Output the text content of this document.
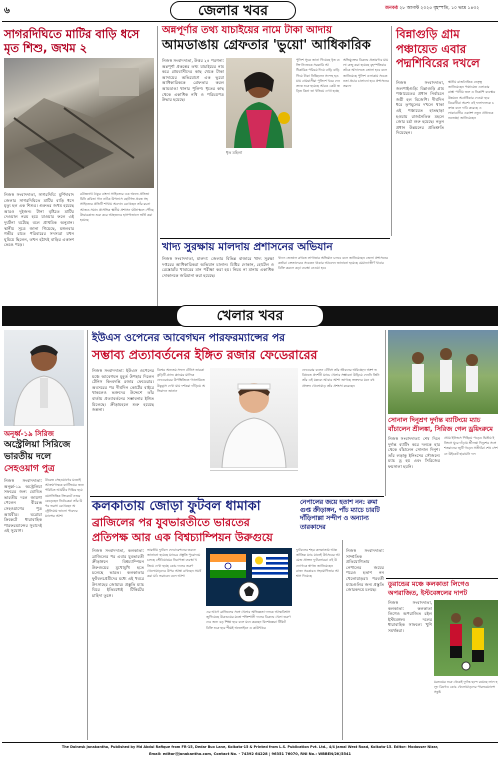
৬	জেলার খবর	জনকণ্ঠ ২৮ আগস্ট ২০২৫ বৃহস্পতি, ১০ ভাদ্র ১৪৩২
সাগরদিঘিতে মাটির বাড়ি ধসে মৃত শিশু, জখম ২
নিজস্ব সংবাদদাতা, সাগরদিঘি: মুর্শিদাবাদ জেলার সাগরদিঘিতে মাটির বাড়ি ধসে মৃত্যু হল এক শিশুর। গুরুতর জখম হয়েছে আরও দুইজন। টানা বৃষ্টিতে মাটির দেওয়াল নরম হয়ে যাওয়ার ফলে এই দুর্ঘটনা ঘটেছে বলে প্রাথমিক অনুমান। স্থানীয় সূত্রে জানা গিয়েছে, মঙ্গলবার গভীর রাতে পরিবারের সদস্যরা যখন ঘুমিয়ে ছিলেন, তখন হঠাৎই বাড়ির একাংশ ভেঙে পড়ে।
রবীন্দ্রনাথ ঠাকুর বাংলা সাহিত্যের এক অনন্য প্রতিভা যিনি কবিতা গান নাটক উপন্যাস ছোটগল্প প্রবন্ধ সহ সাহিত্যের প্রতিটি শাখায় অবদান রেখেছেন তাঁর রচনা আজও সমান প্রাসঙ্গিক স্থানীয় প্রশাসন ঘটনাস্থলে পৌঁছে উদ্ধারকাজ শুরু করে আহতদের হাসপাতালে ভর্তি করা হয়েছে
অন্নপূর্ণার তথ্য যাচাইয়ের নামে টাকা আদায়
আমডাঙায় গ্রেফতার 'ভুয়ো' আধিকারিক
নিজস্ব সংবাদদাতা, উত্তর ২৪ পরগনা: অন্নপূর্ণা প্রকল্পের তথ্য যাচাইয়ের নাম করে গ্রামবাসীদের কাছ থেকে টাকা আদায়ের অভিযোগে এক ভুয়ো আধিকারিককে গ্রেফতার করল আমডাঙা থানার পুলিশ। ধৃতের কাছ থেকে একাধিক নথি ও পরিচয়পত্র উদ্ধার হয়েছে।
ধৃত মহিলা
পুলিশ সূত্রে জানা গিয়েছে ধৃত ব্যক্তি নিজেকে সরকারি আধিকারিক পরিচয় দিয়ে বাড়ি বাড়ি গিয়ে টাকা নিচ্ছিলেন সন্দেহ হওয়ায় গ্রামবাসীরা পুলিশে খবর দেন তদন্ত শুরু হয়েছে আরও কেউ জড়িত কিনা তা খতিয়ে দেখা হচ্ছে
অভিযুক্তের বিরুদ্ধে প্রতারণার মামলা রুজু করা হয়েছে বৃহস্পতিবার তাঁকে আদালতে তোলা হবে বলে জানিয়েছে পুলিশ এলাকায় সচেতনতা প্রচার চালানো হবে প্রশাসনের তরফে
বিন্নাগুড়ি গ্রাম পঞ্চায়েত এবার পদ্মশিবিরের দখলে
নিজস্ব সংবাদদাতা, জলপাইগুড়ি: বিন্নাগুড়ি গ্রাম পঞ্চায়েতের প্রধান নির্বাচনে জয়ী হল বিজেপি। দীর্ঘদিন ধরে তৃণমূলের দখলে থাকা এই পঞ্চায়েত হাতছাড়া হওয়ায় রাজনৈতিক মহলে জোর চর্চা শুরু হয়েছে। নতুন প্রধান উন্নয়নের প্রতিশ্রুতি দিয়েছেন।
স্থানীয় রাজনৈতিক নেতৃত্ব জানিয়েছেন পঞ্চায়েত এলাকার রাস্তা পানীয় জল ও নিকাশি ব্যবস্থার উন্নয়নে অগ্রাধিকার দেওয়া হবে বিরোধীরা অবশ্য এই ফলাফলকে চক্রান্ত বলে দাবি করেছে এলাকাবাসীর একাংশ নতুন প্রধানকে শুভেচ্ছা জানিয়েছেন
খাদ্য সুরক্ষায় মালদায় প্রশাসনের অভিযান
নিজস্ব সংবাদদাতা, মালদা: জেলার বিভিন্ন বাজারে খাদ্য সুরক্ষা দপ্তরের আধিকারিকরা অভিযান চালান। মিষ্টির দোকান, হোটেল ও রেস্তোরাঁয় খাবারের মান পরীক্ষা করা হয়। নিয়ম না মানায় একাধিক দোকানকে জরিমানা করা হয়েছে।
খাদ্যে ভেজাল রুখতে লাগাতার অভিযান চলবে বলে জানিয়েছেন জেলা প্রশাসনের কর্তারা ক্রেতাদেরও সচেতন থাকার আবেদন জানানো হয়েছে মেয়াদোত্তীর্ণ খাবার বিক্রি করলে কড়া ব্যবস্থা নেওয়া হবে
খেলার খবর
অনূর্ধ্ব-১৯ সিরিজ
অস্ট্রেলিয়া সিরিজে
ভারতীয় দলে
সেহওয়াগ পুত্র
নিজস্ব সংবাদদাতা: অনূর্ধ্ব-১৯ অস্ট্রেলিয়া সফরের জন্য ঘোষিত ভারতীয় দলে জায়গা পেলেন বীরেন্দ্র সেহওয়াগের পুত্র আর্যবীর। ঘরোয়া ক্রিকেটে ধারাবাহিক পারফরম্যান্সের সুবাদেই এই সুযোগ।
বীরেন্দ্র সেহওয়াগের মতোই আক্রমণাত্মক ব্যাটিংয়ের জন্য পরিচিত আর্যবীর দিল্লির হয়ে বয়সভিত্তিক ক্রিকেটে নজর কেড়েছেন নির্বাচকরা তাঁর উপর ভরসা রেখেছেন অস্ট্রেলিয়ায় ভালো পারফরম্যান্সের আশা
ইউএস ওপেনের আবেগঘন পারফরম্যান্সের পর
সম্ভাব্য প্রত্যাবর্তনের ইঙ্গিত রজার ফেডেরারের
নিজস্ব সংবাদদাতা: ইউএস ওপেনের মঞ্চে আবেগঘন মুহূর্ত উপহার দিলেন টেনিস কিংবদন্তি রজার ফেডেরার। অবসরের পর দীর্ঘদিন কোর্টের বাইরে থাকলেও ভক্তদের উদ্দেশে তাঁর বার্তায় প্রত্যাবর্তনের সম্ভাবনার ইঙ্গিত মিলেছে। ক্রীড়ামহলে শুরু হয়েছে জল্পনা।
বিশ্বের অন্যতম সফল টেনিস তারকা কুড়িটি গ্র্যান্ড স্ল্যামের মালিক ফেডেরারের উপস্থিতিতে গ্যালারিতে উচ্ছ্বাস দেখা যায় দর্শকরা দাঁড়িয়ে অভিবাদন জানান
ফেডেরার বলেন টেনিস তাঁর জীবনের অবিচ্ছেদ্য অংশ ভবিষ্যতে প্রদর্শনী ম্যাচে খেলার সম্ভাবনা উড়িয়ে দেননি তিনি তাঁর এই মন্তব্যে আবার আশা জাগছে ভক্তদের মনে বহু প্রাক্তন খেলোয়াড় তাঁর প্রশংসা করেছেন
সোনাল দিনুশ্রণ দুর্দান্ত ব্যাটিংয়ে ম্যাচ বাঁচালেন শ্রীলঙ্কা, সিরিজ গেল ড্রয়িংরুমে
নিজস্ব সংবাদদাতা: শেষ দিনে দুর্দান্ত ব্যাটিং করে দলকে হার থেকে বাঁচালেন সোনাল দিনুশ। তাঁর লড়াকু ইনিংসের সৌজন্যে ম্যাচ ড্র হয় এবং সিরিজের ফয়সালা হয়নি।
প্রথম ইনিংসে পিছিয়ে পড়েও দ্বিতীয় ইনিংসে ঘুরে দাঁড়ায় শ্রীলঙ্কা দিনুশের সঙ্গে শতরানের জুটি গড়েন সতীর্থরা শেষ সেশনে উইকেট হারায়নি দল
কলকাতায় জোড়া ফুটবল ধামাকা
ব্রাজিলের পর যুবভারতীতে ভারতের
প্রতিপক্ষ আর এক বিশ্বচ্যাম্পিয়ন উরুগুয়ে
নিজস্ব সংবাদদাতা, কলকাতা: ব্রাজিলের পর এবার যুবভারতী ক্রীড়াঙ্গনে বিশ্বচ্যাম্পিয়ন উরুগুয়ের মুখোমুখি হতে চলেছে ভারত। কলকাতার ফুটবলপ্রেমীদের মধ্যে এই খবরে উৎসাহের জোয়ার। প্রস্তুতি ম্যাচ ঘিরে ইতিমধ্যেই টিকিটের চাহিদা তুঙ্গে।
ভারতীয় ফুটবল ফেডারেশনের তরফে জানানো হয়েছে ম্যাচের প্রস্তুতি পুরোদমে চলছে স্টেডিয়ামের নিরাপত্তা ব্যবস্থা খতিয়ে দেখা হচ্ছে কোচ দলের তরুণ খেলোয়াড়দের উপর আস্থা রাখছেন সমর্থকরা মাঠ ভরাবেন বলে আশা
এর আগে ব্রাজিলের সঙ্গে খেলার অভিজ্ঞতা দলকে আত্মবিশ্বাস জুগিয়েছে উরুগুয়ের মতো শক্তিশালী দলের বিরুদ্ধে খেলা তরুণদের জন্য বড় শিক্ষা হবে বলে মনে করছেন বিশেষজ্ঞরা টিকিট বিক্রি শুরু হবে শীঘ্রই অনলাইনে ও কাউন্টারে
ফুটবলের শহর কলকাতায় আন্তর্জাতিক ম্যাচ মানেই উৎসবের আমেজ প্রাক্তন ফুটবলাররা এই উদ্যোগকে স্বাগত জানিয়েছেন রাজ্য সরকারও সহযোগিতার আশ্বাস দিয়েছে
নেপালের জয়ে হতাশ নন: রুমা গুপ্ত ক্রীড়াঙ্গন, পাঁচ ম্যাচে চারটি দাঁড়িপাল্লা সন্দীপ ও অন্যান্য তারকাদের
নিজস্ব সংবাদদাতা: সাম্প্রতিক প্রতিযোগিতায় নেপালের জয়ের পরেও হতাশ নন খেলোয়াড়রা। পরবর্তী ম্যাচগুলির জন্য প্রস্তুতি জোরকদমে চলছে।
ডুরান্ডের মঞ্চে কলকাতা লিগেও অপরাজিত, ইস্টবেঙ্গলের দাপট
নিজস্ব সংবাদদাতা, কলকাতা: কলকাতা লিগেও অপরাজিত রইল ইস্টবেঙ্গল। দলের ধারাবাহিক সাফল্যে খুশি সমর্থকরা।
মরশুমের শুরু থেকেই দুর্দান্ত ছন্দে রয়েছে লাল হলুদ ব্রিগেড কোচ খেলোয়াড়দের পারফরম্যান্সে সন্তুষ্ট
The Dainesk Janakantho, Published by Md Abdul Rafique from FR-15, Dedar Bux Lane, Kolkata-15 & Printed from L.S. Publication Pvt. Ltd., 4/4 Jamal West Road, Kolkata-15. Editor: Modasser Nizar,
Email: editor@janakantho.com, Contact No. - 74392 64228 | 96351 76070, RNI No.: WBBEN/2K/5541
